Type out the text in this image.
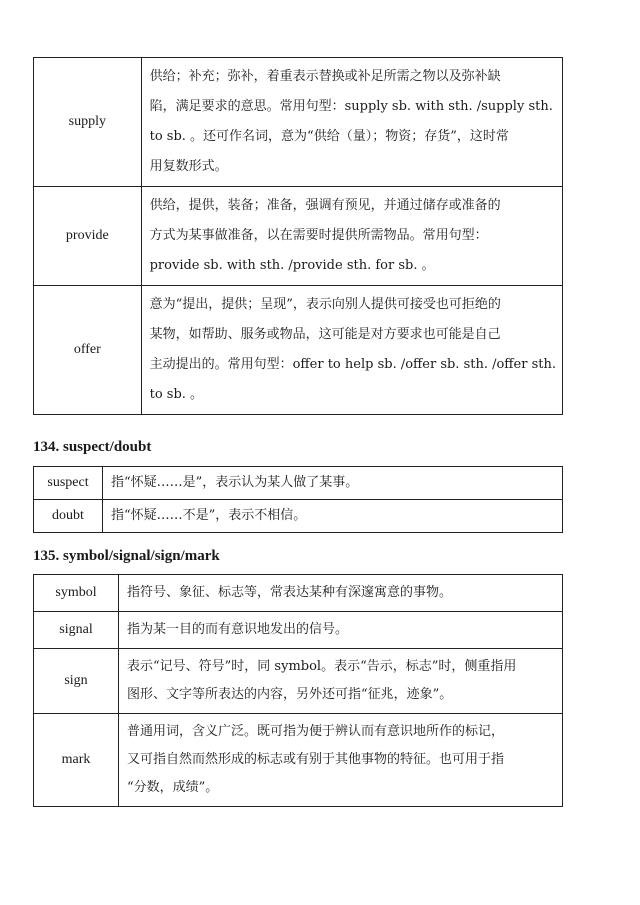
supply	供给；补充；弥补，着重表示替换或补足所需之物以及弥补缺
陷，满足要求的意思。常用句型：supply sb. with sth. /supply sth.
to sb. 。还可作名词，意为“供给（量）；物资；存货”，这时常
用复数形式。

provide	供给，提供，装备；准备，强调有预见，并通过储存或准备的
方式为某事做准备，以在需要时提供所需物品。常用句型：
provide sb. with sth. /provide sth. for sb. 。

offer	意为“提出，提供；呈现”，表示向别人提供可接受也可拒绝的
某物，如帮助、服务或物品，这可能是对方要求也可能是自己
主动提出的。常用句型：offer to help sb. /offer sb. sth. /offer sth.
to sb. 。
134. suspect/doubt
suspect	指“怀疑……是”，表示认为某人做了某事。

doubt	指“怀疑……不是”，表示不相信。
135. symbol/signal/sign/mark
symbol	指符号、象征、标志等，常表达某种有深邃寓意的事物。

signal	指为某一目的而有意识地发出的信号。

sign	表示“记号、符号”时，同 symbol。表示“告示，标志”时，侧重指用
图形、文字等所表达的内容，另外还可指“征兆，迹象”。

mark	普通用词，含义广泛。既可指为便于辨认而有意识地所作的标记，
又可指自然而然形成的标志或有别于其他事物的特征。也可用于指
“分数，成绩”。
